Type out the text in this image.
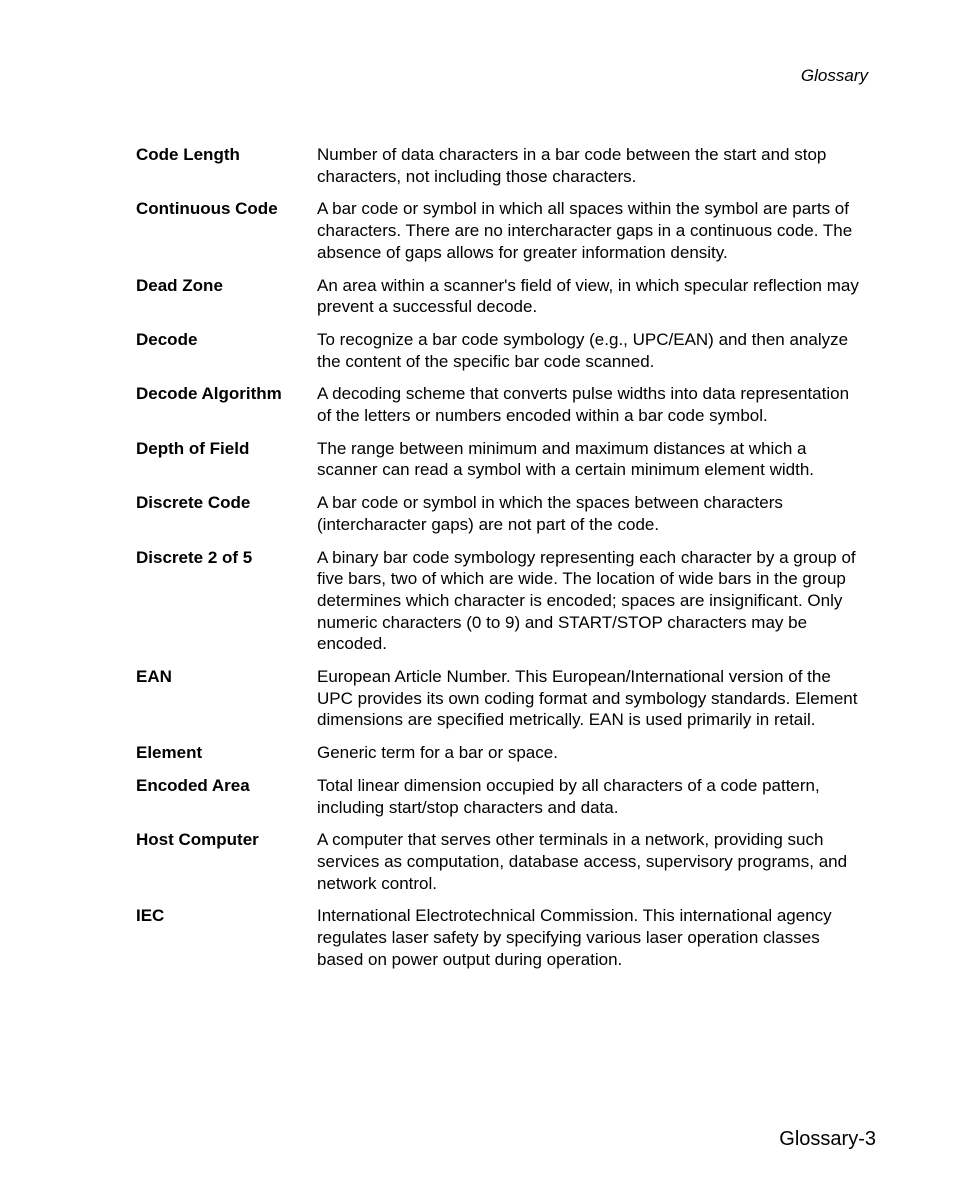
Glossary
Code Length	Number of data characters in a bar code between the start and stop characters, not including those characters.
Continuous Code	A bar code or symbol in which all spaces within the symbol are parts of characters. There are no intercharacter gaps in a continuous code. The absence of gaps allows for greater information density.
Dead Zone	An area within a scanner's field of view, in which specular reflection may prevent a successful decode.
Decode	To recognize a bar code symbology (e.g., UPC/EAN) and then analyze the content of the specific bar code scanned.
Decode Algorithm	A decoding scheme that converts pulse widths into data representation of the letters or numbers encoded within a bar code symbol.
Depth of Field	The range between minimum and maximum distances at which a scanner can read a symbol with a certain minimum element width.
Discrete Code	A bar code or symbol in which the spaces between characters (intercharacter gaps) are not part of the code.
Discrete 2 of 5	A binary bar code symbology representing each character by a group of five bars, two of which are wide. The location of wide bars in the group determines which character is encoded; spaces are insignificant. Only numeric characters (0 to 9) and START/STOP characters may be encoded.
EAN	European Article Number. This European/International version of the UPC provides its own coding format and symbology standards. Element dimensions are specified metrically. EAN is used primarily in retail.
Element	Generic term for a bar or space.
Encoded Area	Total linear dimension occupied by all characters of a code pattern, including start/stop characters and data.
Host Computer	A computer that serves other terminals in a network, providing such services as computation, database access, supervisory programs, and network control.
IEC	International Electrotechnical Commission. This international agency regulates laser safety by specifying various laser operation classes based on power output during operation.
Glossary-3
